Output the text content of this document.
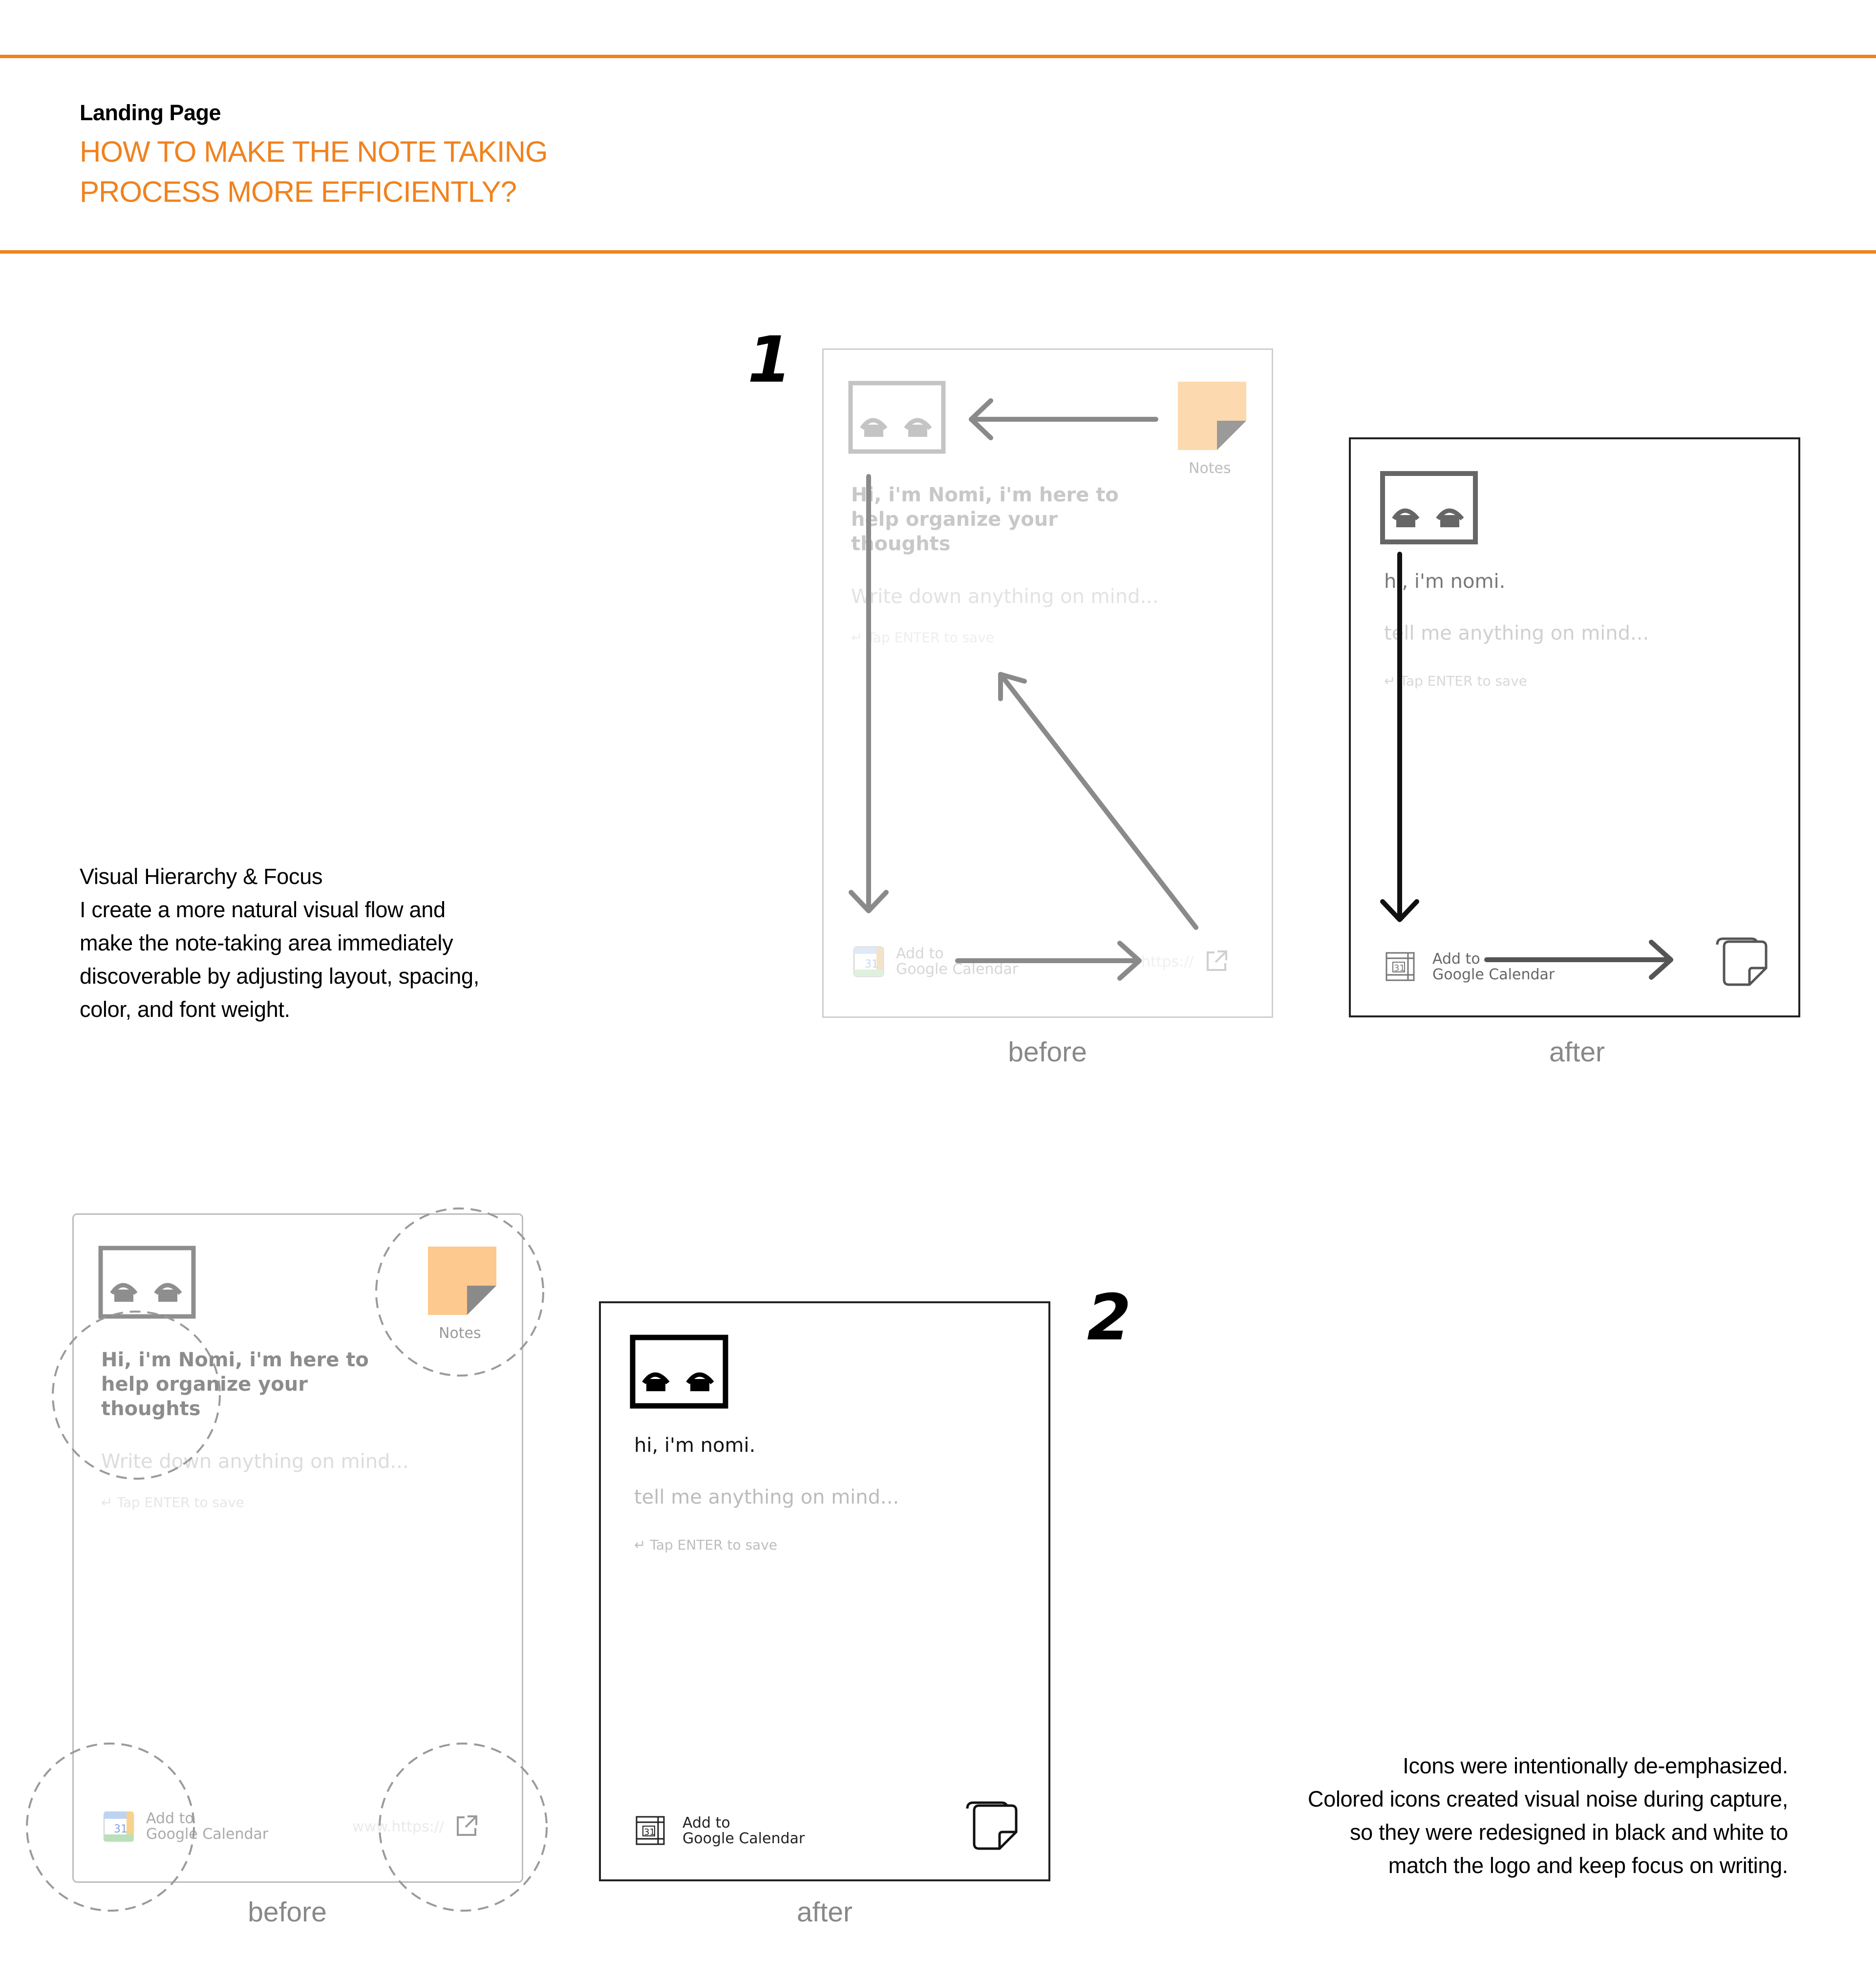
Landing Page
HOW TO MAKE THE NOTE TAKING
PROCESS MORE EFFICIENTLY?
1
Visual Hierarchy & Focus
I create a more natural visual flow and
make the note-taking area immediately
discoverable by adjusting layout, spacing,
color, and font weight.
Notes
Hi, i'm Nomi, i'm here to
help organize your
thoughts
Write down anything on mind...
↵ Tap ENTER to save
31
Add to
Google Calendar	https://
before
hi, i'm nomi.
tell me anything on mind...
↵ Tap ENTER to save
31
Add to
Google Calendar
after
2
Notes
Hi, i'm Nomi, i'm here to
help organize your
thoughts
Write down anything on mind...
↵ Tap ENTER to save
31
Add to
Google Calendar	www.https://
before
hi, i'm nomi.
tell me anything on mind...
↵ Tap ENTER to save
31
Add to
Google Calendar
after
Icons were intentionally de-emphasized.
Colored icons created visual noise during capture,
so they were redesigned in black and white to
match the logo and keep focus on writing.
